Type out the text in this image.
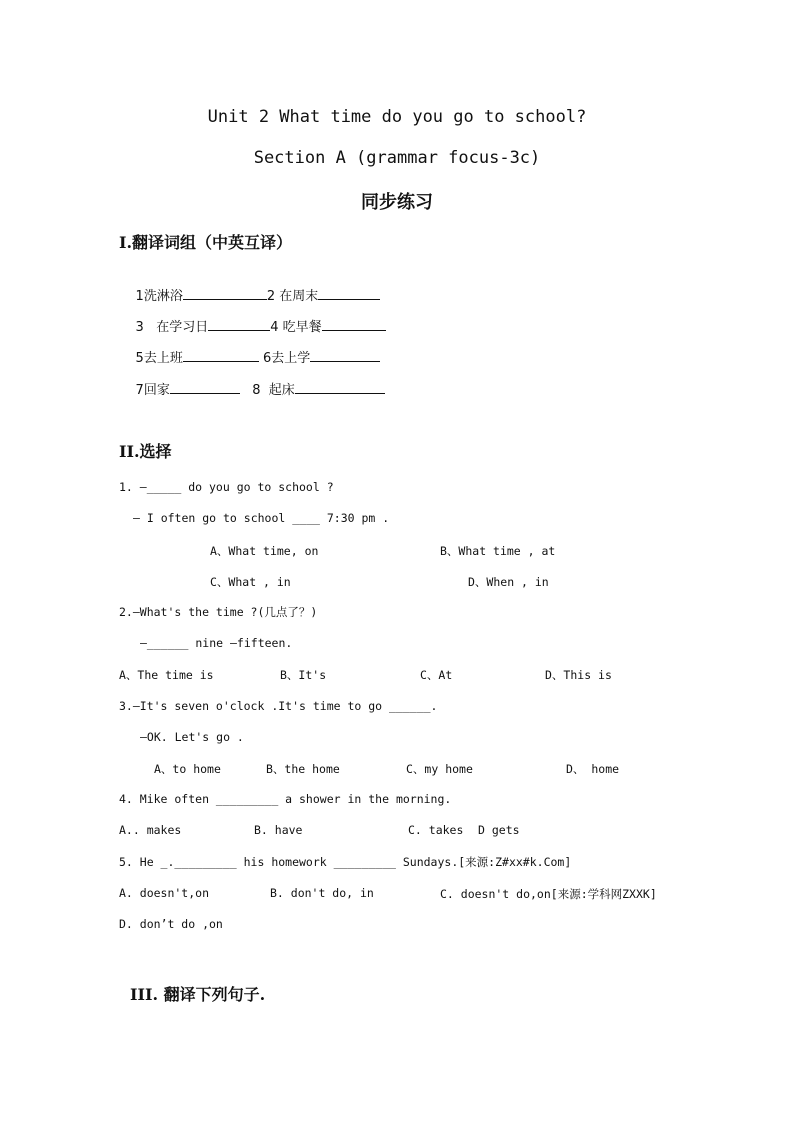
Unit 2 What time do you go to school?
Section A (grammar focus-3c)
同步练习
I.翻译词组（中英互译）

1洗淋浴	2 在周末

3 在学习日	4 吃早餐

5去上班	6去上学

7回家	8 起床

II.选择
1. —_____ do you go to school ?
— I often go to school ____ 7:30 pm .
A、What time, on	B、What time , at
C、What , in	D、When , in
2.—What's the time ?(几点了？)
—______ nine —fifteen.
A、The time is	B、It's	C、At	D、This is
3.—It's seven o'clock .It's time to go ______.
—OK. Let's go .
A、to home	B、the home	C、my home	D、 home
4. Mike often _________ a shower in the morning.
A.. makes	B. have	C. takes D gets
5. He _._________ his homework _________ Sundays.[来源:Z#xx#k.Com]
A. doesn't,on	B. don't do, in	C. doesn't do,on[来源:学科网ZXXK]
D. don’t do ,on
III. 翻译下列句子.
